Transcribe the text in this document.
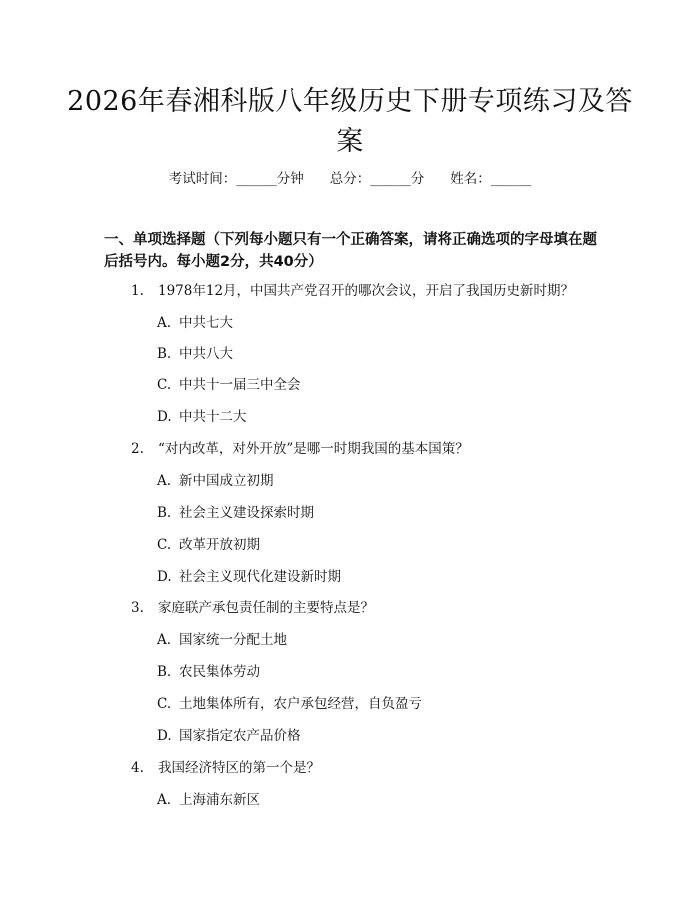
2026年春湘科版八年级历史下册专项练习及答案
考试时间：______分钟 总分：______分 姓名：______
一、单项选择题（下列每小题只有一个正确答案，请将正确选项的字母填在题后括号内。每小题2分，共40分）
1. 1978年12月，中国共产党召开的哪次会议，开启了我国历史新时期？
A. 中共七大
B. 中共八大
C. 中共十一届三中全会
D. 中共十二大
2. “对内改革，对外开放”是哪一时期我国的基本国策？
A. 新中国成立初期
B. 社会主义建设探索时期
C. 改革开放初期
D. 社会主义现代化建设新时期
3. 家庭联产承包责任制的主要特点是？
A. 国家统一分配土地
B. 农民集体劳动
C. 土地集体所有，农户承包经营，自负盈亏
D. 国家指定农产品价格
4. 我国经济特区的第一个是？
A. 上海浦东新区
